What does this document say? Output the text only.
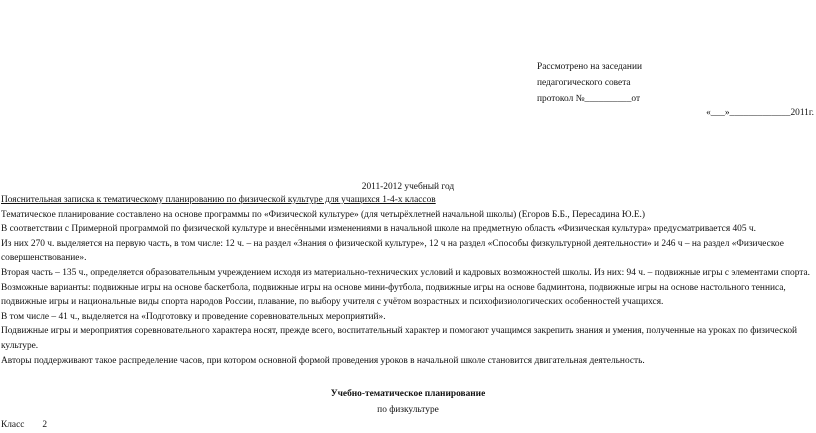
Рассмотрено на заседании
педагогического совета
протокол №__________от
«___»_____________2011г.
2011-2012 учебный год

Пояснительная записка к тематическому планированию по физической культуре для учащихся 1-4-х классов

Тематическое планирование составлено на основе программы по «Физической культуре» (для четырёхлетней начальной школы) (Егоров Б.Б., Пересадина Ю.Е.)

В соответствии с Примерной программой по физической культуре и внесёнными изменениями в начальной школе на предметную область «Физическая культура» предусматривается 405 ч.

Из них 270 ч. выделяется на первую часть, в том числе: 12 ч. – на раздел «Знания о физической культуре», 12 ч на раздел «Способы физкультурной деятельности» и 246 ч – на раздел «Физическое совершенствование».

Вторая часть – 135 ч., определяется образовательным учреждением исходя из материально-технических условий и кадровых возможностей школы. Из них: 94 ч. – подвижные игры с элементами спорта.

Возможные варианты: подвижные игры на основе баскетбола, подвижные игры на основе мини-футбола, подвижные игры на основе бадминтона, подвижные игры на основе настольного тенниса, подвижные игры и национальные виды спорта народов России, плавание, по выбору учителя с учётом возрастных и психофизиологических особенностей учащихся.

В том числе – 41 ч., выделяется на «Подготовку и проведение соревновательных мероприятий».

Подвижные игры и мероприятия соревновательного характера носят, прежде всего, воспитательный характер и помогают учащимся закрепить знания и умения, полученные на уроках по физической культуре.

Авторы поддерживают такое распределение часов, при котором основной формой проведения уроков в начальной школе становится двигательная деятельность.

Учебно-тематическое планирование
по физкультуре
Класс 2
